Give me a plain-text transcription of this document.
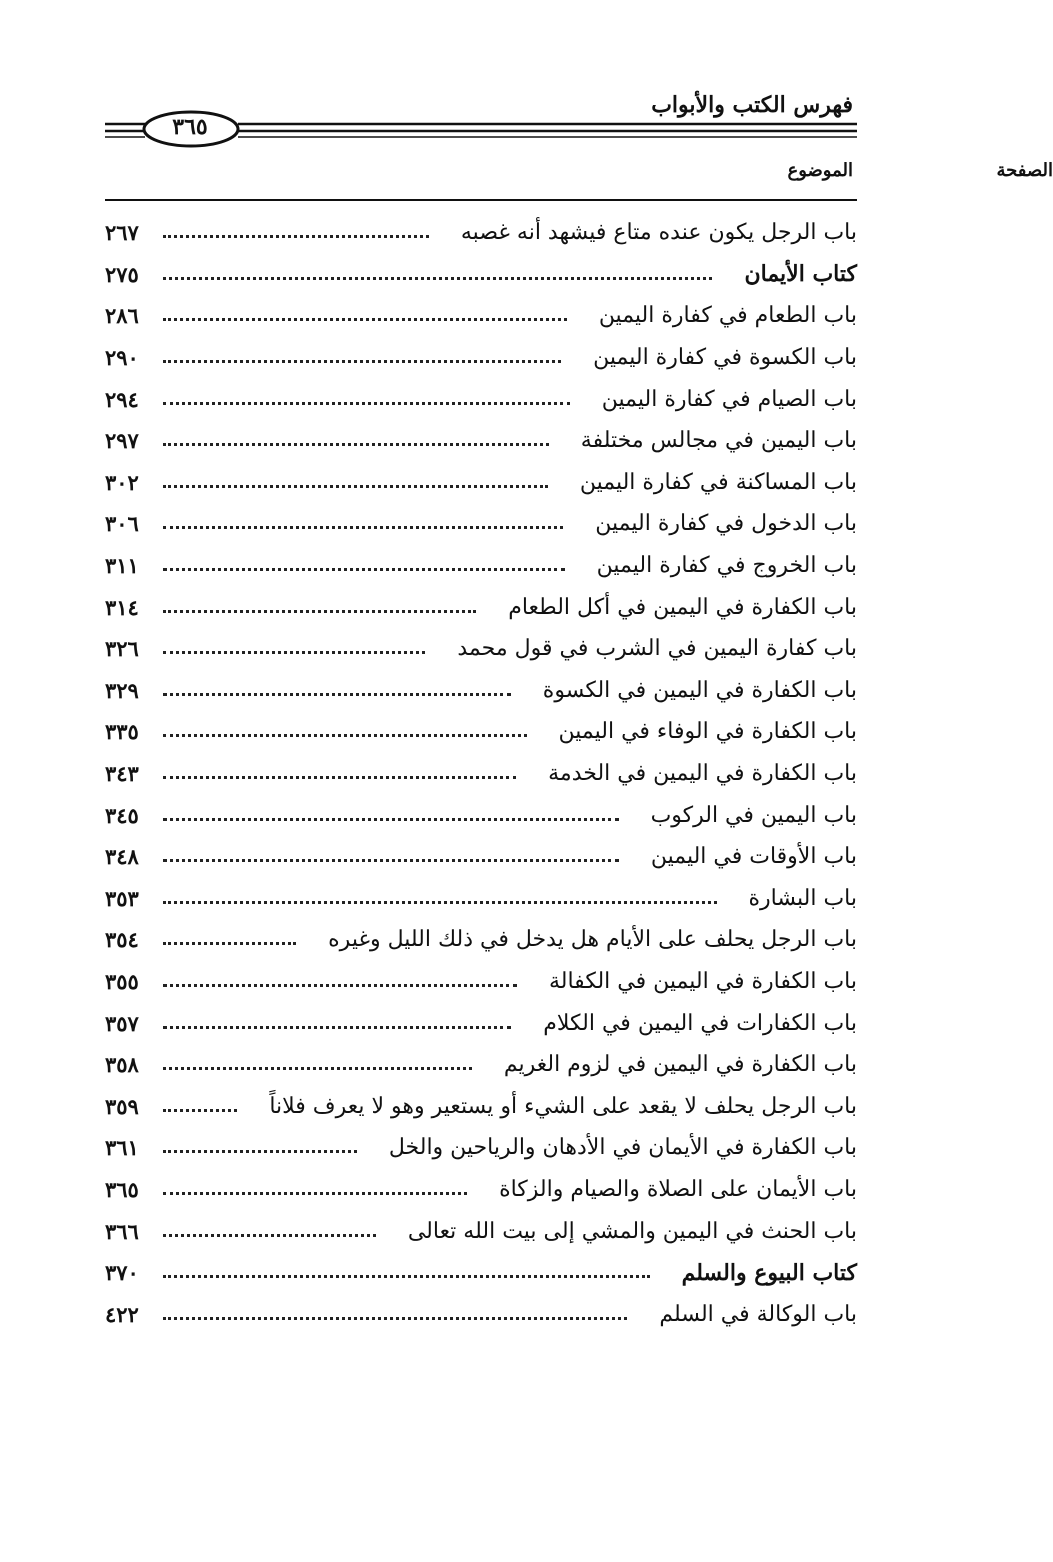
فهرس الكتب والأبواب
٣٦٥
الموضوع	الصفحة
باب الرجل يكون عنده متاع فيشهد أنه غصبه
٢٦٧
كتاب الأيمان
٢٧٥
باب الطعام في كفارة اليمين
٢٨٦
باب الكسوة في كفارة اليمين
٢٩٠
باب الصيام في كفارة اليمين
٢٩٤
باب اليمين في مجالس مختلفة
٢٩٧
باب المساكنة في كفارة اليمين
٣٠٢
باب الدخول في كفارة اليمين
٣٠٦
باب الخروج في كفارة اليمين
٣١١
باب الكفارة في اليمين في أكل الطعام
٣١٤
باب كفارة اليمين في الشرب في قول محمد
٣٢٦
باب الكفارة في اليمين في الكسوة
٣٢٩
باب الكفارة في الوفاء في اليمين
٣٣٥
باب الكفارة في اليمين في الخدمة
٣٤٣
باب اليمين في الركوب
٣٤٥
باب الأوقات في اليمين
٣٤٨
باب البشارة
٣٥٣
باب الرجل يحلف على الأيام هل يدخل في ذلك الليل وغيره
٣٥٤
باب الكفارة في اليمين في الكفالة
٣٥٥
باب الكفارات في اليمين في الكلام
٣٥٧
باب الكفارة في اليمين في لزوم الغريم
٣٥٨
باب الرجل يحلف لا يقعد على الشيء أو يستعير وهو لا يعرف فلاناً
٣٥٩
باب الكفارة في الأيمان في الأدهان والرياحين والخل
٣٦١
باب الأيمان على الصلاة والصيام والزكاة
٣٦٥
باب الحنث في اليمين والمشي إلى بيت الله تعالى
٣٦٦
كتاب البيوع والسلم
٣٧٠
باب الوكالة في السلم
٤٢٢
